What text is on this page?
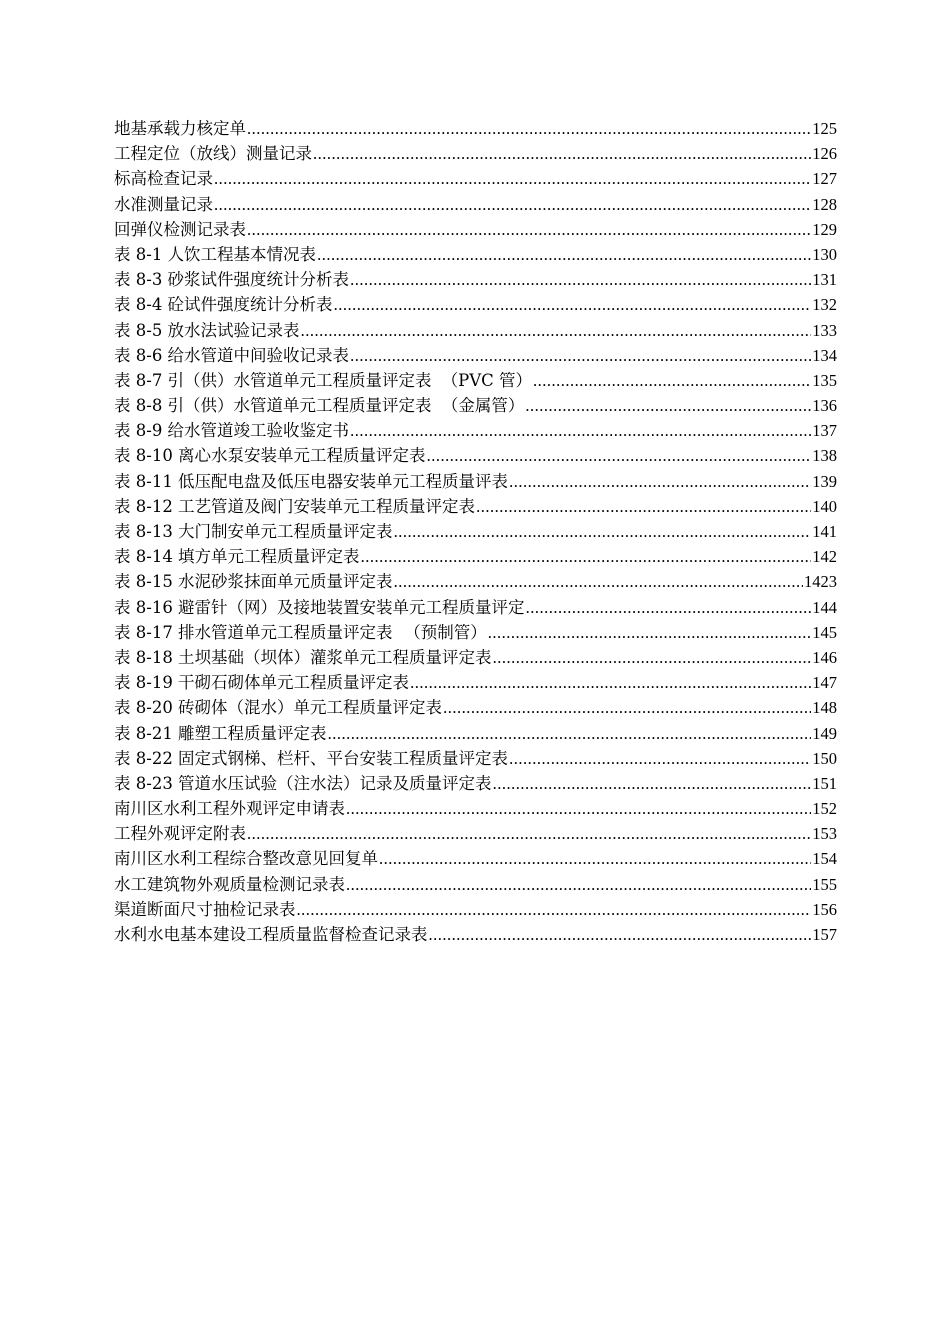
地基承载力核定单 .....	125
工程定位（放线）测量记录 .....	126
标高检查记录 .....	127
水准测量记录 .....	128
回弹仪检测记录表 .....	129
表 8-1 人饮工程基本情况表 .....	130
表 8-3 砂浆试件强度统计分析表 .....	131
表 8-4 砼试件强度统计分析表 .....	132
表 8-5 放水法试验记录表 .....	133
表 8-6 给水管道中间验收记录表 .....	134
表 8-7 引（供）水管道单元工程质量评定表 （PVC 管） .....	135
表 8-8 引（供）水管道单元工程质量评定表 （金属管） .....	136
表 8-9 给水管道竣工验收鉴定书 .....	137
表 8-10 离心水泵安装单元工程质量评定表 .....	138
表 8-11 低压配电盘及低压电器安装单元工程质量评表 .....	139
表 8-12 工艺管道及阀门安装单元工程质量评定表 .....	140
表 8-13 大门制安单元工程质量评定表 .....	141
表 8-14 填方单元工程质量评定表 .....	142
表 8-15 水泥砂浆抹面单元质量评定表 .....	1423
表 8-16 避雷针（网）及接地装置安装单元工程质量评定 .....	144
表 8-17 排水管道单元工程质量评定表 （预制管） .....	145
表 8-18 土坝基础（坝体）灌浆单元工程质量评定表 .....	146
表 8-19 干砌石砌体单元工程质量评定表 .....	147
表 8-20 砖砌体（混水）单元工程质量评定表 .....	148
表 8-21 雕塑工程质量评定表 .....	149
表 8-22 固定式钢梯、栏杆、平台安装工程质量评定表 .....	150
表 8-23 管道水压试验（注水法）记录及质量评定表 .....	151
南川区水利工程外观评定申请表 .....	152
工程外观评定附表 .....	153
南川区水利工程综合整改意见回复单 .....	154
水工建筑物外观质量检测记录表 .....	155
渠道断面尺寸抽检记录表 .....	156
水利水电基本建设工程质量监督检查记录表 .....	157
